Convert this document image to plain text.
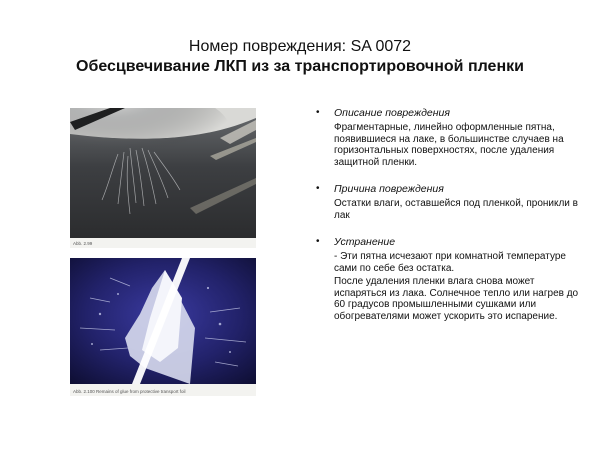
Номер повреждения: SA 0072
Обесцвечивание ЛКП из за транспортировочной пленки
Abb. 2.99
Abb. 2.100 Remains of glue from protective transport foil
• Описание повреждения
Фрагментарные, линейно оформленные пятна, появившиеся на лаке, в большинстве случаев на горизонтальных поверхностях, после удаления защитной пленки.
• Причина повреждения
Остатки влаги, оставшейся под пленкой, проникли в лак
• Устранение
- Эти пятна исчезают при комнатной температуре сами по себе без остатка.
После удаления пленки влага снова может испаряться из лака. Солнечное тепло или нагрев до 60 градусов промышленными сушками или обогревателями может ускорить это испарение.
